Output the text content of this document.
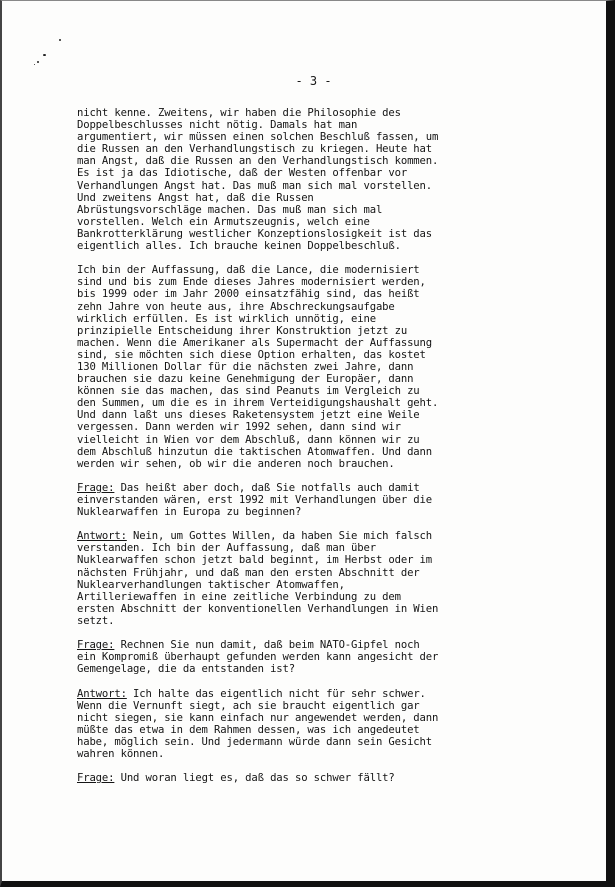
- 3 -

nicht kenne. Zweitens, wir haben die Philosophie des
Doppelbeschlusses nicht nötig. Damals hat man
argumentiert, wir müssen einen solchen Beschluß fassen, um
die Russen an den Verhandlungstisch zu kriegen. Heute hat
man Angst, daß die Russen an den Verhandlungstisch kommen.
Es ist ja das Idiotische, daß der Westen offenbar vor
Verhandlungen Angst hat. Das muß man sich mal vorstellen.
Und zweitens Angst hat, daß die Russen
Abrüstungsvorschläge machen. Das muß man sich mal
vorstellen. Welch ein Armutszeugnis, welch eine
Bankrotterklärung westlicher Konzeptionslosigkeit ist das
eigentlich alles. Ich brauche keinen Doppelbeschluß.

Ich bin der Auffassung, daß die Lance, die modernisiert
sind und bis zum Ende dieses Jahres modernisiert werden,
bis 1999 oder im Jahr 2000 einsatzfähig sind, das heißt
zehn Jahre von heute aus, ihre Abschreckungsaufgabe
wirklich erfüllen. Es ist wirklich unnötig, eine
prinzipielle Entscheidung ihrer Konstruktion jetzt zu
machen. Wenn die Amerikaner als Supermacht der Auffassung
sind, sie möchten sich diese Option erhalten, das kostet
130 Millionen Dollar für die nächsten zwei Jahre, dann
brauchen sie dazu keine Genehmigung der Europäer, dann
können sie das machen, das sind Peanuts im Vergleich zu
den Summen, um die es in ihrem Verteidigungshaushalt geht.
Und dann laßt uns dieses Raketensystem jetzt eine Weile
vergessen. Dann werden wir 1992 sehen, dann sind wir
vielleicht in Wien vor dem Abschluß, dann können wir zu
dem Abschluß hinzutun die taktischen Atomwaffen. Und dann
werden wir sehen, ob wir die anderen noch brauchen.

Frage: Das heißt aber doch, daß Sie notfalls auch damit
einverstanden wären, erst 1992 mit Verhandlungen über die
Nuklearwaffen in Europa zu beginnen?

Antwort: Nein, um Gottes Willen, da haben Sie mich falsch
verstanden. Ich bin der Auffassung, daß man über
Nuklearwaffen schon jetzt bald beginnt, im Herbst oder im
nächsten Frühjahr, und daß man den ersten Abschnitt der
Nuklearverhandlungen taktischer Atomwaffen,
Artilleriewaffen in eine zeitliche Verbindung zu dem
ersten Abschnitt der konventionellen Verhandlungen in Wien
setzt.

Frage: Rechnen Sie nun damit, daß beim NATO-Gipfel noch
ein Kompromiß überhaupt gefunden werden kann angesicht der
Gemengelage, die da entstanden ist?

Antwort: Ich halte das eigentlich nicht für sehr schwer.
Wenn die Vernunft siegt, ach sie braucht eigentlich gar
nicht siegen, sie kann einfach nur angewendet werden, dann
müßte das etwa in dem Rahmen dessen, was ich angedeutet
habe, möglich sein. Und jedermann würde dann sein Gesicht
wahren können.

Frage: Und woran liegt es, daß das so schwer fällt?
